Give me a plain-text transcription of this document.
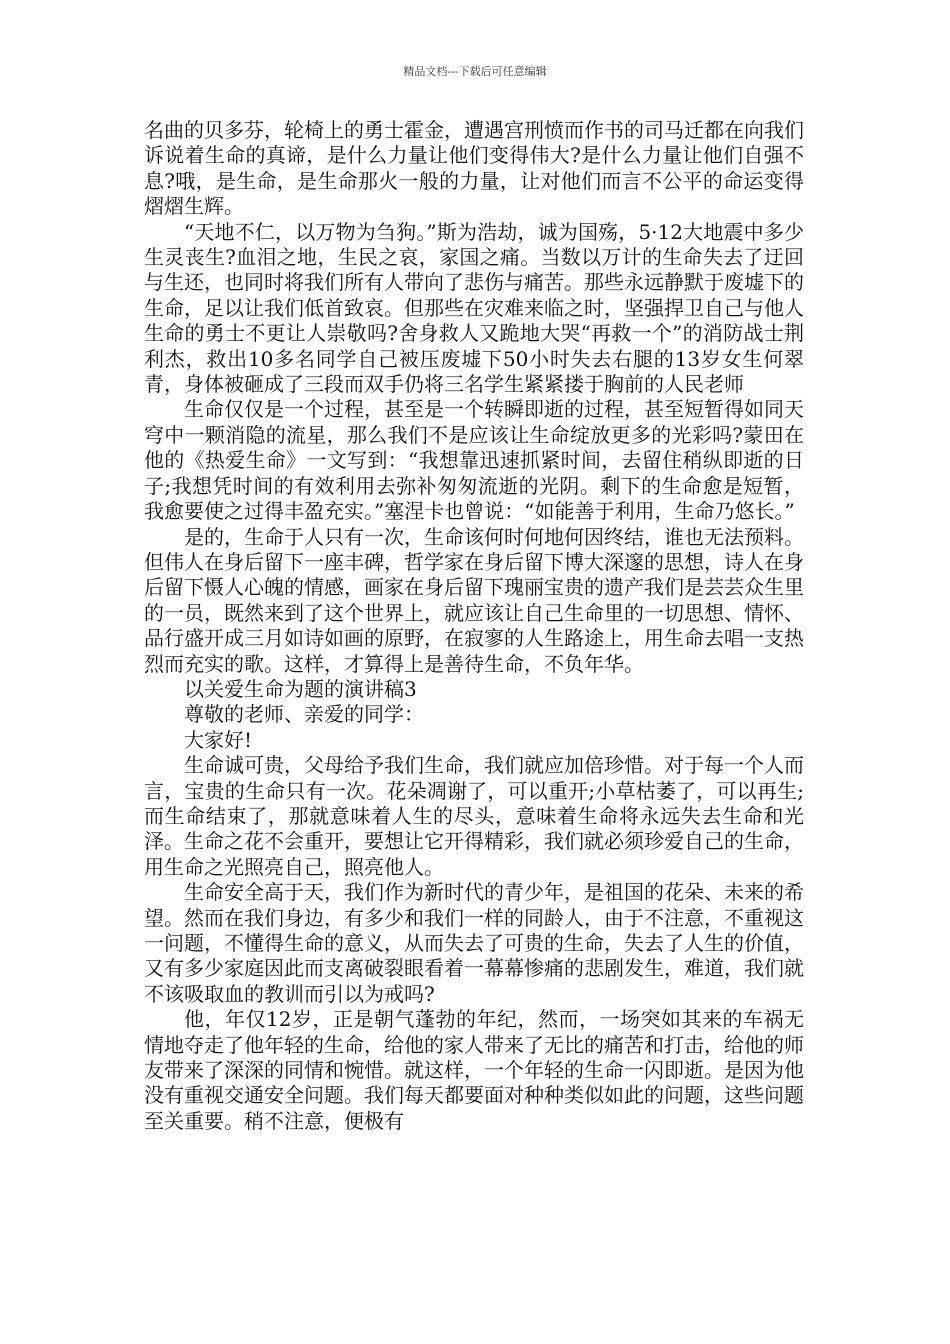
精品文档---下载后可任意编辑

名曲的贝多芬，轮椅上的勇士霍金，遭遇宫刑愤而作书的司马迁都在向我们诉说着生命的真谛，是什么力量让他们变得伟大?是什么力量让他们自强不息?哦，是生命，是生命那火一般的力量，让对他们而言不公平的命运变得熠熠生辉。

“天地不仁，以万物为刍狗。”斯为浩劫，诚为国殇，5·12大地震中多少生灵丧生?血泪之地，生民之哀，家国之痛。当数以万计的生命失去了迂回与生还，也同时将我们所有人带向了悲伤与痛苦。那些永远静默于废墟下的生命，足以让我们低首致哀。但那些在灾难来临之时，坚强捍卫自己与他人生命的勇士不更让人崇敬吗?舍身救人又跪地大哭“再救一个”的消防战士荆利杰，救出10多名同学自己被压废墟下50小时失去右腿的13岁女生何翠青，身体被砸成了三段而双手仍将三名学生紧紧搂于胸前的人民老师

生命仅仅是一个过程，甚至是一个转瞬即逝的过程，甚至短暂得如同天穹中一颗消隐的流星，那么我们不是应该让生命绽放更多的光彩吗?蒙田在他的《热爱生命》一文写到：“我想靠迅速抓紧时间，去留住稍纵即逝的日子;我想凭时间的有效利用去弥补匆匆流逝的光阴。剩下的生命愈是短暂，我愈要使之过得丰盈充实。”塞涅卡也曾说：“如能善于利用，生命乃悠长。”

是的，生命于人只有一次，生命该何时何地何因终结，谁也无法预料。但伟人在身后留下一座丰碑，哲学家在身后留下博大深邃的思想，诗人在身后留下慑人心魄的情感，画家在身后留下瑰丽宝贵的遗产我们是芸芸众生里的一员，既然来到了这个世界上，就应该让自己生命里的一切思想、情怀、品行盛开成三月如诗如画的原野，在寂寥的人生路途上，用生命去唱一支热烈而充实的歌。这样，才算得上是善待生命，不负年华。

以关爱生命为题的演讲稿3

尊敬的老师、亲爱的同学：

大家好!

生命诚可贵，父母给予我们生命，我们就应加倍珍惜。对于每一个人而言，宝贵的生命只有一次。花朵凋谢了，可以重开;小草枯萎了，可以再生;而生命结束了，那就意味着人生的尽头，意味着生命将永远失去生命和光泽。生命之花不会重开，要想让它开得精彩，我们就必须珍爱自己的生命，用生命之光照亮自己，照亮他人。

生命安全高于天，我们作为新时代的青少年，是祖国的花朵、未来的希望。然而在我们身边，有多少和我们一样的同龄人，由于不注意，不重视这一问题，不懂得生命的意义，从而失去了可贵的生命，失去了人生的价值，又有多少家庭因此而支离破裂眼看着一幕幕惨痛的悲剧发生，难道，我们就不该吸取血的教训而引以为戒吗?

他，年仅12岁，正是朝气蓬勃的年纪，然而，一场突如其来的车祸无情地夺走了他年轻的生命，给他的家人带来了无比的痛苦和打击，给他的师友带来了深深的同情和惋惜。就这样，一个年轻的生命一闪即逝。是因为他没有重视交通安全问题。我们每天都要面对种种类似如此的问题，这些问题至关重要。稍不注意，便极有
